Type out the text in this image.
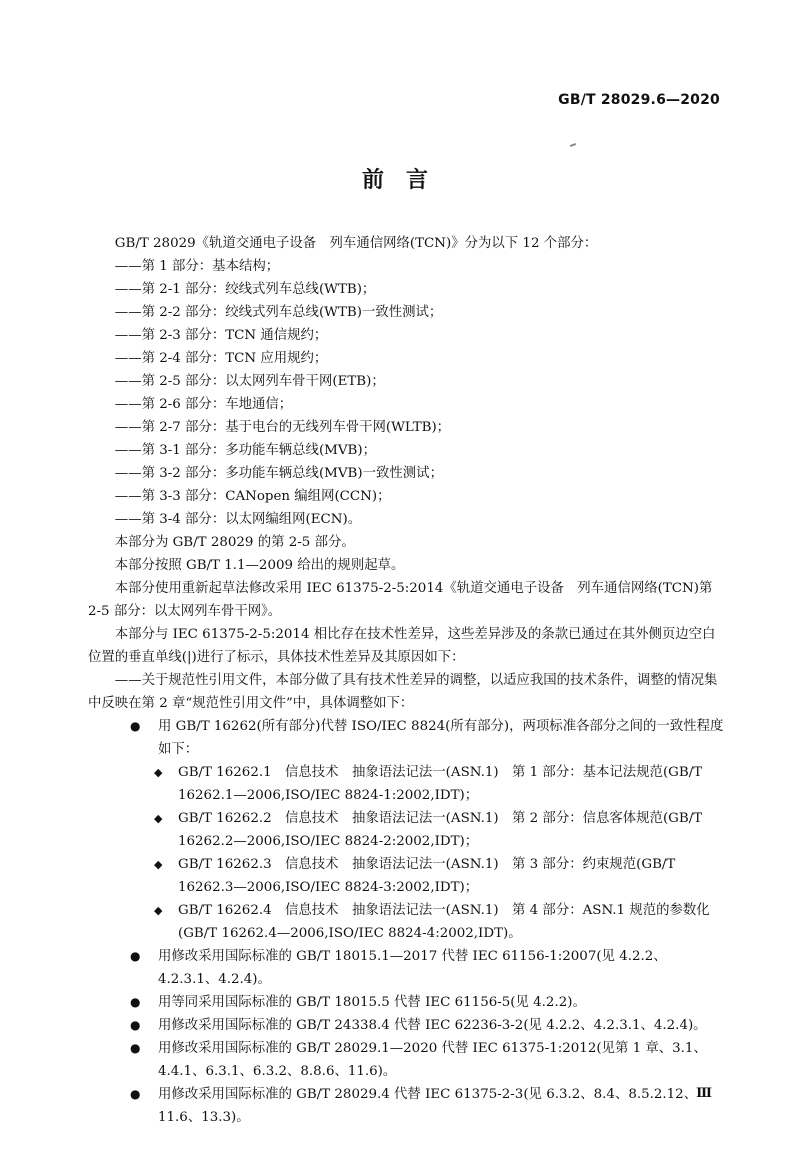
GB/T 28029.6—2020
前　言

GB/T 28029《轨道交通电子设备　列车通信网络(TCN)》分为以下 12 个部分：

——第 1 部分：基本结构；

——第 2-1 部分：绞线式列车总线(WTB)；

——第 2-2 部分：绞线式列车总线(WTB)一致性测试；

——第 2-3 部分：TCN 通信规约；

——第 2-4 部分：TCN 应用规约；

——第 2-5 部分：以太网列车骨干网(ETB)；

——第 2-6 部分：车地通信；

——第 2-7 部分：基于电台的无线列车骨干网(WLTB)；

——第 3-1 部分：多功能车辆总线(MVB)；

——第 3-2 部分：多功能车辆总线(MVB)一致性测试；

——第 3-3 部分：CANopen 编组网(CCN)；

——第 3-4 部分：以太网编组网(ECN)。

本部分为 GB/T 28029 的第 2-5 部分。

本部分按照 GB/T 1.1—2009 给出的规则起草。

本部分使用重新起草法修改采用 IEC 61375-2-5:2014《轨道交通电子设备　列车通信网络(TCN)第 2-5 部分：以太网列车骨干网》。

本部分与 IEC 61375-2-5:2014 相比存在技术性差异，这些差异涉及的条款已通过在其外侧页边空白位置的垂直单线(|)进行了标示，具体技术性差异及其原因如下：

——关于规范性引用文件，本部分做了具有技术性差异的调整，以适应我国的技术条件，调整的情况集中反映在第 2 章“规范性引用文件”中，具体调整如下：

● 用 GB/T 16262(所有部分)代替 ISO/IEC 8824(所有部分)，两项标准各部分之间的一致性程度如下：

◆ GB/T 16262.1　信息技术　抽象语法记法一(ASN.1)　第 1 部分：基本记法规范(GB/T 16262.1—2006,ISO/IEC 8824-1:2002,IDT)；

◆ GB/T 16262.2　信息技术　抽象语法记法一(ASN.1)　第 2 部分：信息客体规范(GB/T 16262.2—2006,ISO/IEC 8824-2:2002,IDT)；

◆ GB/T 16262.3　信息技术　抽象语法记法一(ASN.1)　第 3 部分：约束规范(GB/T 16262.3—2006,ISO/IEC 8824-3:2002,IDT)；

◆ GB/T 16262.4　信息技术　抽象语法记法一(ASN.1)　第 4 部分：ASN.1 规范的参数化(GB/T 16262.4—2006,ISO/IEC 8824-4:2002,IDT)。

● 用修改采用国际标准的 GB/T 18015.1—2017 代替 IEC 61156-1:2007(见 4.2.2、4.2.3.1、4.2.4)。

● 用等同采用国际标准的 GB/T 18015.5 代替 IEC 61156-5(见 4.2.2)。

● 用修改采用国际标准的 GB/T 24338.4 代替 IEC 62236-3-2(见 4.2.2、4.2.3.1、4.2.4)。

● 用修改采用国际标准的 GB/T 28029.1—2020 代替 IEC 61375-1:2012(见第 1 章、3.1、4.4.1、6.3.1、6.3.2、8.8.6、11.6)。

● 用修改采用国际标准的 GB/T 28029.4 代替 IEC 61375-2-3(见 6.3.2、8.4、8.5.2.12、11.6、13.3)。

Ⅲ
